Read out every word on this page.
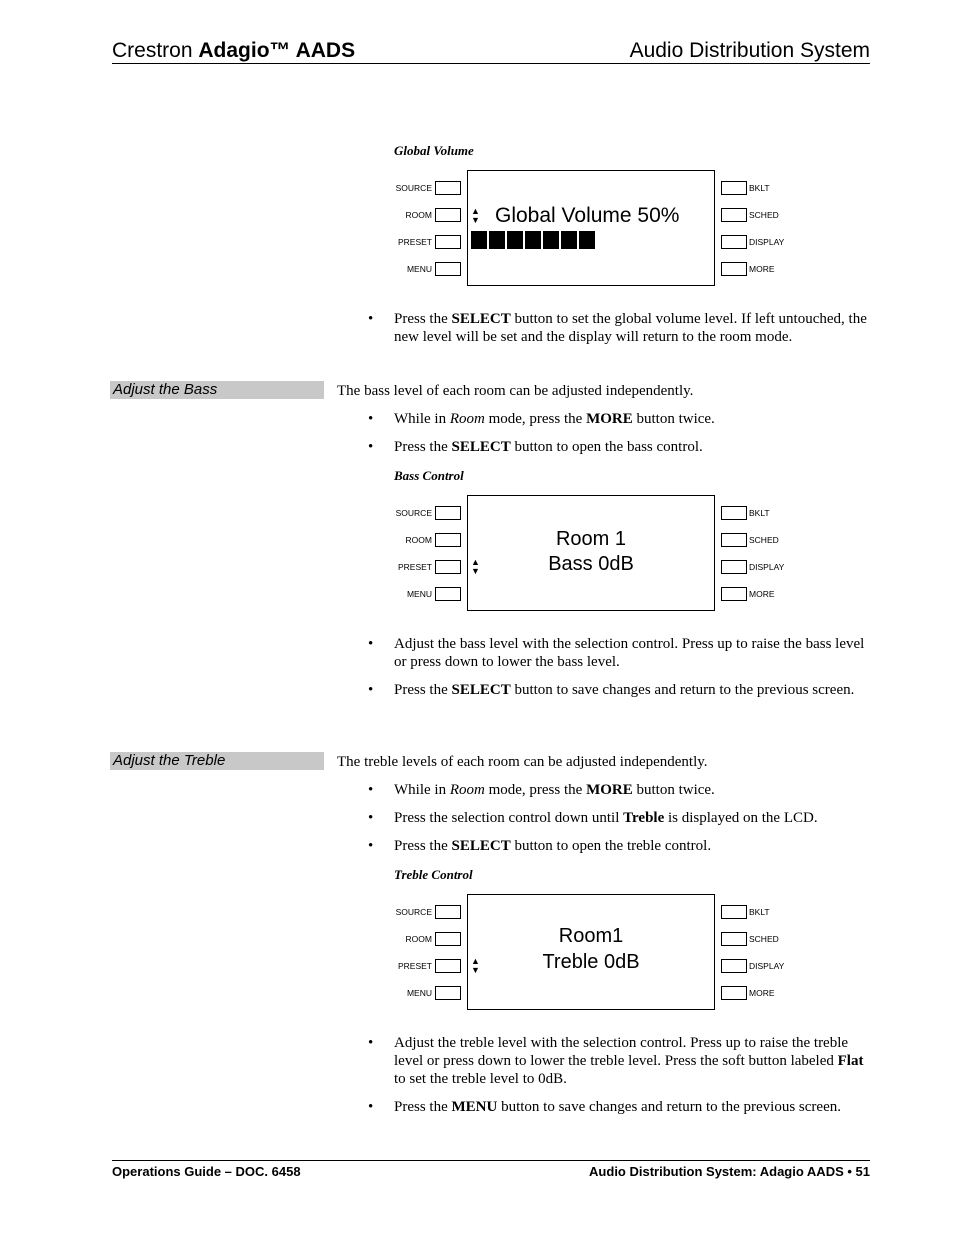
Crestron Adagio™ AADS	Audio Distribution System
Global Volume
SOURCE
ROOM
PRESET
MENU
▲
▼ Global Volume 50%
BKLT
SCHED
DISPLAY
MORE
• Press the SELECT button to set the global volume level. If left untouched, the new level will be set and the display will return to the room mode.
Adjust the Bass	The bass level of each room can be adjusted independently.
• While in Room mode, press the MORE button twice.
• Press the SELECT button to open the bass control.
Bass Control
SOURCE
ROOM
PRESET
MENU
▲
▼
Room 1
Bass 0dB
BKLT
SCHED
DISPLAY
MORE
• Adjust the bass level with the selection control. Press up to raise the bass level or press down to lower the bass level.
• Press the SELECT button to save changes and return to the previous screen.
Adjust the Treble	The treble levels of each room can be adjusted independently.
• While in Room mode, press the MORE button twice.
• Press the selection control down until Treble is displayed on the LCD.
• Press the SELECT button to open the treble control.
Treble Control
SOURCE
ROOM
PRESET
MENU
▲
▼
Room1
Treble 0dB
BKLT
SCHED
DISPLAY
MORE
• Adjust the treble level with the selection control. Press up to raise the treble level or press down to lower the treble level. Press the soft button labeled Flat to set the treble level to 0dB.
• Press the MENU button to save changes and return to the previous screen.
Operations Guide – DOC. 6458	Audio Distribution System: Adagio AADS • 51
